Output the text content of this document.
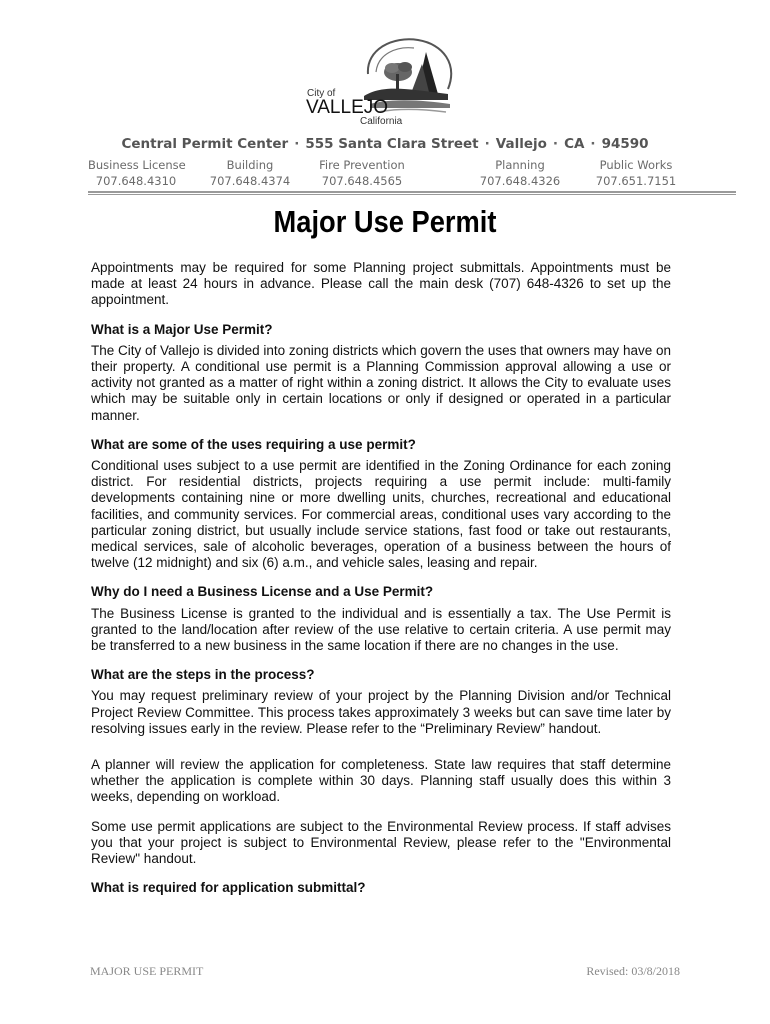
City of
VALLEJO
California
Central Permit Center · 555 Santa Clara Street · Vallejo · CA · 94590
Business License
707.648.4310
Building
707.648.4374
Fire Prevention
707.648.4565
Planning
707.648.4326
Public Works
707.651.7151
Major Use Permit

Appointments may be required for some Planning project submittals. Appointments must be made at least 24 hours in advance. Please call the main desk (707) 648-4326 to set up the appointment.

What is a Major Use Permit?

The City of Vallejo is divided into zoning districts which govern the uses that owners may have on their property. A conditional use permit is a Planning Commission approval allowing a use or activity not granted as a matter of right within a zoning district. It allows the City to evaluate uses which may be suitable only in certain locations or only if designed or operated in a particular manner.

What are some of the uses requiring a use permit?

Conditional uses subject to a use permit are identified in the Zoning Ordinance for each zoning district. For residential districts, projects requiring a use permit include: multi-family developments containing nine or more dwelling units, churches, recreational and educational facilities, and community services. For commercial areas, conditional uses vary according to the particular zoning district, but usually include service stations, fast food or take out restaurants, medical services, sale of alcoholic beverages, operation of a business between the hours of twelve (12 midnight) and six (6) a.m., and vehicle sales, leasing and repair.

Why do I need a Business License and a Use Permit?

The Business License is granted to the individual and is essentially a tax. The Use Permit is granted to the land/location after review of the use relative to certain criteria. A use permit may be transferred to a new business in the same location if there are no changes in the use.

What are the steps in the process?

You may request preliminary review of your project by the Planning Division and/or Technical Project Review Committee. This process takes approximately 3 weeks but can save time later by resolving issues early in the review. Please refer to the “Preliminary Review” handout.

A planner will review the application for completeness. State law requires that staff determine whether the application is complete within 30 days. Planning staff usually does this within 3 weeks, depending on workload.

Some use permit applications are subject to the Environmental Review process. If staff advises you that your project is subject to Environmental Review, please refer to the "Environmental Review" handout.

What is required for application submittal?
MAJOR USE PERMIT	Revised: 03/8/2018
